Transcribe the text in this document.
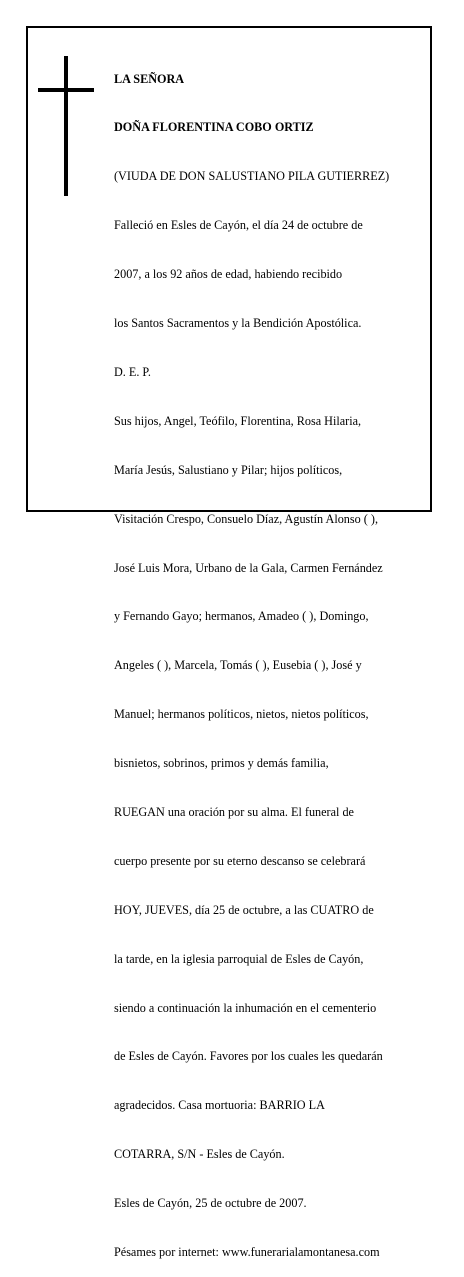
LA SEÑORA

DOÑA FLORENTINA COBO ORTIZ

(VIUDA DE DON SALUSTIANO PILA GUTIERREZ)

Falleció en Esles de Cayón, el día 24 de octubre de

2007, a los 92 años de edad, habiendo recibido

los Santos Sacramentos y la Bendición Apostólica.

D. E. P.

Sus hijos, Angel, Teófilo, Florentina, Rosa Hilaria,

María Jesús, Salustiano y Pilar; hijos políticos,

Visitación Crespo, Consuelo Díaz, Agustín Alonso ( ),

José Luis Mora, Urbano de la Gala, Carmen Fernández

y Fernando Gayo; hermanos, Amadeo ( ), Domingo,

Angeles ( ), Marcela, Tomás ( ), Eusebia ( ), José y

Manuel; hermanos políticos, nietos, nietos políticos,

bisnietos, sobrinos, primos y demás familia,

RUEGAN una oración por su alma. El funeral de

cuerpo presente por su eterno descanso se celebrará

HOY, JUEVES, día 25 de octubre, a las CUATRO de

la tarde, en la iglesia parroquial de Esles de Cayón,

siendo a continuación la inhumación en el cementerio

de Esles de Cayón. Favores por los cuales les quedarán

agradecidos. Casa mortuoria: BARRIO LA

COTARRA, S/N - Esles de Cayón.

Esles de Cayón, 25 de octubre de 2007.

Pésames por internet: www.funerarialamontanesa.com
